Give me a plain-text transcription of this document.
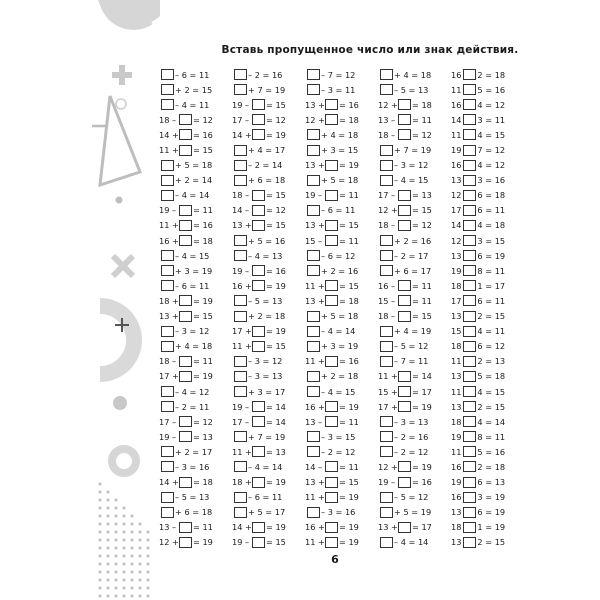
Вставь пропущенное число или знак действия.
– 6 = 11
+ 2 = 15
– 4 = 11
18 – = 12
14 + = 16
11 + = 15
+ 5 = 18
+ 2 = 14
– 4 = 14
19 – = 11
11 + = 16
16 + = 18
– 4 = 15
+ 3 = 19
– 6 = 11
18 + = 19
13 + = 15
– 3 = 12
+ 4 = 18
18 – = 11
17 + = 19
– 4 = 12
– 2 = 11
17 – = 12
19 – = 13
+ 2 = 17
– 3 = 16
14 + = 18
– 5 = 13
+ 6 = 18
13 – = 11
12 + = 19
– 2 = 16
+ 7 = 19
19 – = 15
17 – = 12
14 + = 19
+ 4 = 17
– 2 = 14
+ 6 = 18
18 – = 15
14 – = 12
13 + = 15
+ 5 = 16
– 4 = 13
19 – = 16
16 + = 19
– 5 = 13
+ 2 = 18
17 + = 19
11 + = 15
– 3 = 12
– 3 = 13
+ 3 = 17
19 – = 14
17 – = 14
+ 7 = 19
11 + = 13
– 4 = 14
18 + = 19
– 6 = 11
+ 5 = 17
14 + = 19
19 – = 15
– 7 = 12
– 3 = 11
13 + = 16
12 + = 18
+ 4 = 18
+ 3 = 15
13 + = 19
+ 5 = 18
19 – = 11
– 6 = 11
13 + = 15
15 – = 11
– 6 = 12
+ 2 = 16
11 + = 15
13 + = 18
+ 5 = 18
– 4 = 14
+ 3 = 19
11 + = 16
+ 2 = 18
– 4 = 15
16 + = 19
13 – = 11
– 3 = 15
– 2 = 12
14 – = 11
13 + = 15
11 + = 19
– 3 = 16
16 + = 19
11 + = 19
+ 4 = 18
– 5 = 13
12 + = 18
13 – = 11
18 – = 12
+ 7 = 19
– 3 = 12
– 4 = 15
17 – = 13
12 + = 15
18 – = 12
+ 2 = 16
– 2 = 17
+ 6 = 17
16 – = 11
15 – = 11
18 – = 15
+ 4 = 19
– 5 = 12
– 7 = 11
11 + = 14
15 + = 17
17 + = 19
– 3 = 13
– 2 = 16
– 2 = 12
12 + = 19
19 – = 16
– 5 = 12
+ 5 = 19
13 + = 17
– 4 = 14
16 2 = 18
11 5 = 16
16 4 = 12
14 3 = 11
11 4 = 15
19 7 = 12
16 4 = 12
13 3 = 16
12 6 = 18
17 6 = 11
14 4 = 18
12 3 = 15
13 6 = 19
19 8 = 11
18 1 = 17
17 6 = 11
13 2 = 15
15 4 = 11
18 6 = 12
11 2 = 13
13 5 = 18
11 4 = 15
13 2 = 15
18 4 = 14
19 8 = 11
11 5 = 16
16 2 = 18
19 6 = 13
16 3 = 19
13 6 = 19
18 1 = 19
13 2 = 15
6
